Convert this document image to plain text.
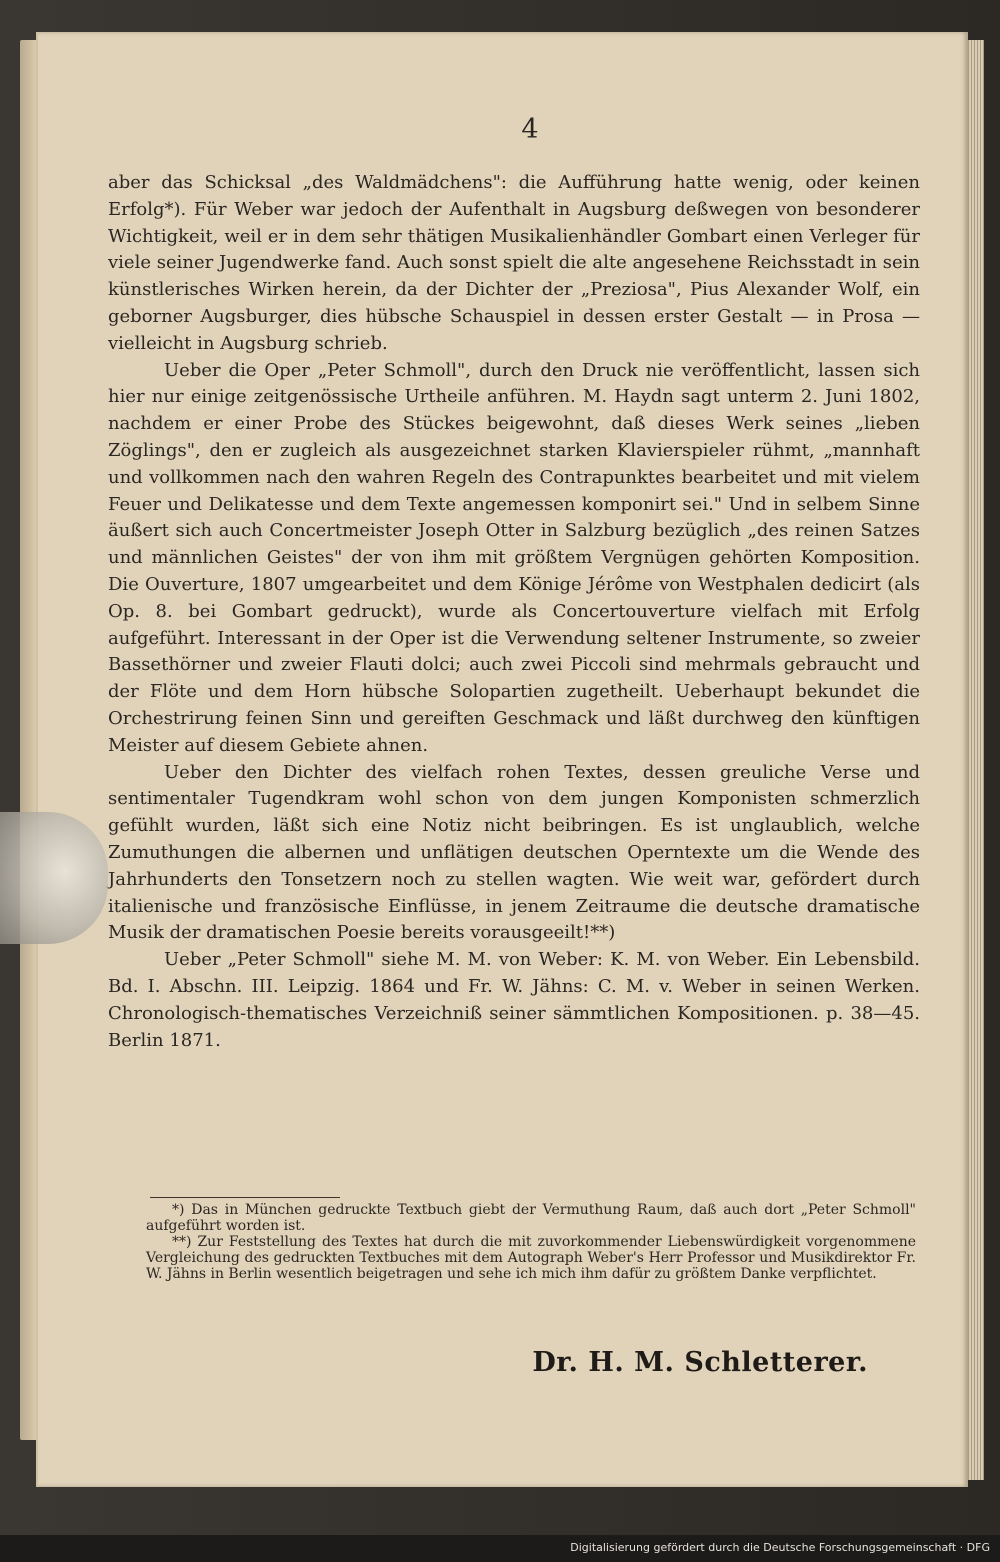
4

aber das Schicksal „des Waldmädchens": die Aufführung hatte wenig, oder keinen Erfolg*). Für Weber war jedoch der Aufenthalt in Augsburg deßwegen von besonderer Wichtigkeit, weil er in dem sehr thätigen Musikalienhändler Gombart einen Verleger für viele seiner Jugendwerke fand. Auch sonst spielt die alte angesehene Reichsstadt in sein künstlerisches Wirken herein, da der Dichter der „Preziosa", Pius Alexander Wolf, ein geborner Augsburger, dies hübsche Schauspiel in dessen erster Gestalt — in Prosa — vielleicht in Augsburg schrieb.

Ueber die Oper „Peter Schmoll", durch den Druck nie veröffentlicht, lassen sich hier nur einige zeitgenössische Urtheile anführen. M. Haydn sagt unterm 2. Juni 1802, nachdem er einer Probe des Stückes beigewohnt, daß dieses Werk seines „lieben Zöglings", den er zugleich als ausgezeichnet starken Klavierspieler rühmt, „mannhaft und vollkommen nach den wahren Regeln des Contrapunktes bearbeitet und mit vielem Feuer und Delikatesse und dem Texte angemessen komponirt sei." Und in selbem Sinne äußert sich auch Concertmeister Joseph Otter in Salzburg bezüglich „des reinen Satzes und männlichen Geistes" der von ihm mit größtem Vergnügen gehörten Komposition. Die Ouverture, 1807 umgearbeitet und dem Könige Jérôme von Westphalen dedicirt (als Op. 8. bei Gombart gedruckt), wurde als Concertouverture vielfach mit Erfolg aufgeführt. Interessant in der Oper ist die Verwendung seltener Instrumente, so zweier Bassethörner und zweier Flauti dolci; auch zwei Piccoli sind mehrmals gebraucht und der Flöte und dem Horn hübsche Solopartien zugetheilt. Ueberhaupt bekundet die Orchestrirung feinen Sinn und gereiften Geschmack und läßt durchweg den künftigen Meister auf diesem Gebiete ahnen.

Ueber den Dichter des vielfach rohen Textes, dessen greuliche Verse und sentimentaler Tugendkram wohl schon von dem jungen Komponisten schmerzlich gefühlt wurden, läßt sich eine Notiz nicht beibringen. Es ist unglaublich, welche Zumuthungen die albernen und unflätigen deutschen Operntexte um die Wende des Jahrhunderts den Tonsetzern noch zu stellen wagten. Wie weit war, gefördert durch italienische und französische Einflüsse, in jenem Zeitraume die deutsche dramatische Musik der dramatischen Poesie bereits vorausgeeilt!**)

Ueber „Peter Schmoll" siehe M. M. von Weber: K. M. von Weber. Ein Lebensbild. Bd. I. Abschn. III. Leipzig. 1864 und Fr. W. Jähns: C. M. v. Weber in seinen Werken. Chronologisch-thematisches Verzeichniß seiner sämmtlichen Kompositionen. p. 38—45. Berlin 1871.

*) Das in München gedruckte Textbuch giebt der Vermuthung Raum, daß auch dort „Peter Schmoll" aufgeführt worden ist.

**) Zur Feststellung des Textes hat durch die mit zuvorkommender Liebenswürdigkeit vorgenommene Vergleichung des gedruckten Textbuches mit dem Autograph Weber's Herr Professor und Musikdirektor Fr. W. Jähns in Berlin wesentlich beigetragen und sehe ich mich ihm dafür zu größtem Danke verpflichtet.

Dr. H. M. Schletterer.
Digitalisierung gefördert durch die Deutsche Forschungsgemeinschaft · DFG
